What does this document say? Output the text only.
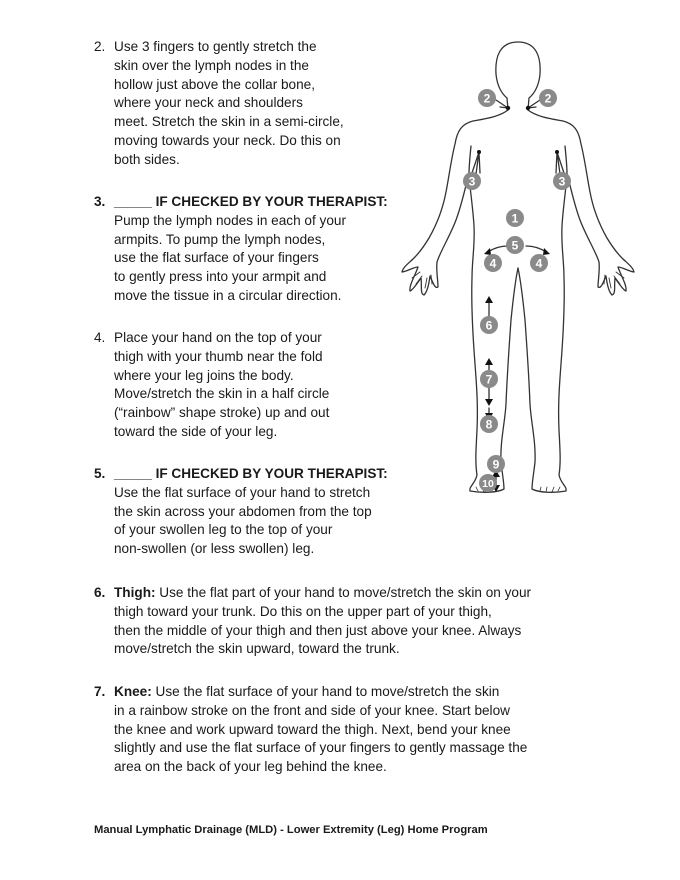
2. Use 3 fingers to gently stretch the
skin over the lymph nodes in the
hollow just above the collar bone,
where your neck and shoulders
meet. Stretch the skin in a semi-circle,
moving towards your neck. Do this on
both sides.
3. _____ IF CHECKED BY YOUR THERAPIST:
Pump the lymph nodes in each of your
armpits. To pump the lymph nodes,
use the flat surface of your fingers
to gently press into your armpit and
move the tissue in a circular direction.
4. Place your hand on the top of your
thigh with your thumb near the fold
where your leg joins the body.
Move/stretch the skin in a half circle
(“rainbow” shape stroke) up and out
toward the side of your leg.
5. _____ IF CHECKED BY YOUR THERAPIST:
Use the flat surface of your hand to stretch
the skin across your abdomen from the top
of your swollen leg to the top of your
non-swollen (or less swollen) leg.
6. Thigh: Use the flat part of your hand to move/stretch the skin on your
thigh toward your trunk. Do this on the upper part of your thigh,
then the middle of your thigh and then just above your knee. Always
move/stretch the skin upward, toward the trunk.
7. Knee: Use the flat surface of your hand to move/stretch the skin
in a rainbow stroke on the front and side of your knee. Start below
the knee and work upward toward the thigh. Next, bend your knee
slightly and use the flat surface of your fingers to gently massage the
area on the back of your leg behind the knee.
2	2
3	3
1
5
4	4
6
7
8
9
10
Manual Lymphatic Drainage (MLD) - Lower Extremity (Leg) Home Program
